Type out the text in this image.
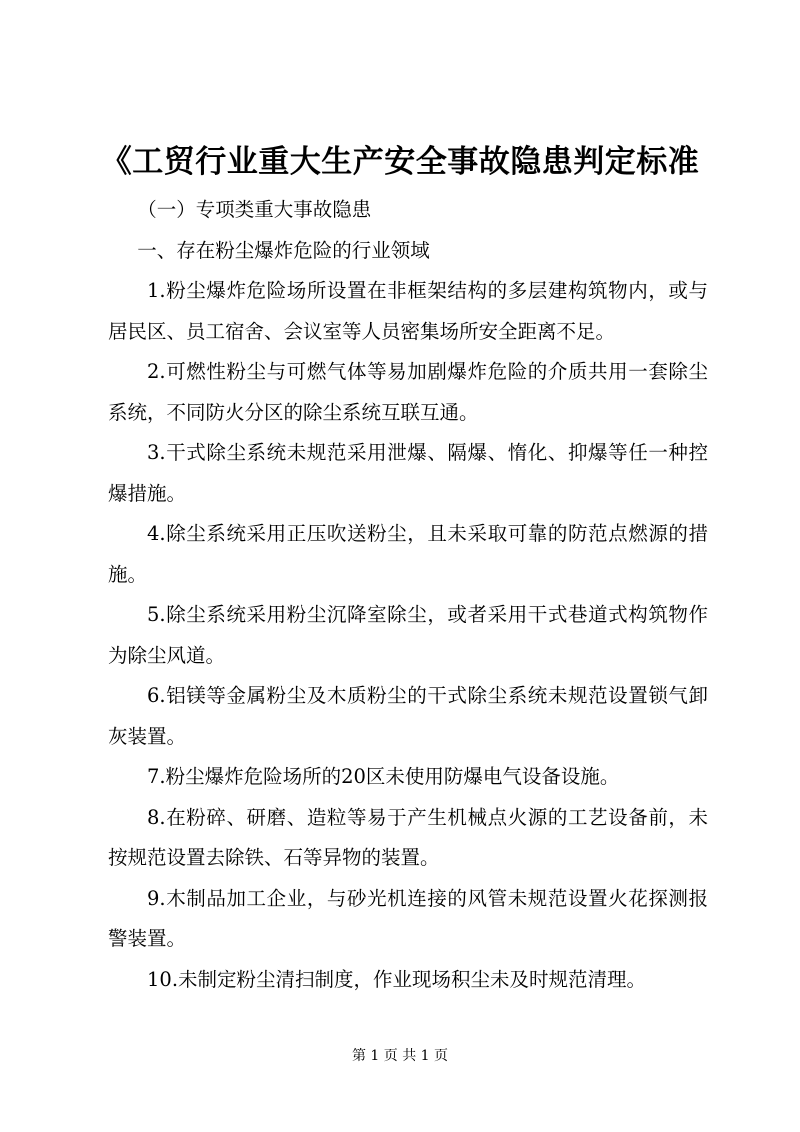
《工贸行业重大生产安全事故隐患判定标准

（一）专项类重大事故隐患

一、存在粉尘爆炸危险的行业领域

1.粉尘爆炸危险场所设置在非框架结构的多层建构筑物内，或与居民区、员工宿舍、会议室等人员密集场所安全距离不足。

2.可燃性粉尘与可燃气体等易加剧爆炸危险的介质共用一套除尘系统，不同防火分区的除尘系统互联互通。

3.干式除尘系统未规范采用泄爆、隔爆、惰化、抑爆等任一种控爆措施。

4.除尘系统采用正压吹送粉尘，且未采取可靠的防范点燃源的措施。

5.除尘系统采用粉尘沉降室除尘，或者采用干式巷道式构筑物作为除尘风道。

6.铝镁等金属粉尘及木质粉尘的干式除尘系统未规范设置锁气卸灰装置。

7.粉尘爆炸危险场所的20区未使用防爆电气设备设施。

8.在粉碎、研磨、造粒等易于产生机械点火源的工艺设备前，未按规范设置去除铁、石等异物的装置。

9.木制品加工企业，与砂光机连接的风管未规范设置火花探测报警装置。

10.未制定粉尘清扫制度，作业现场积尘未及时规范清理。

第 1 页 共 1 页
